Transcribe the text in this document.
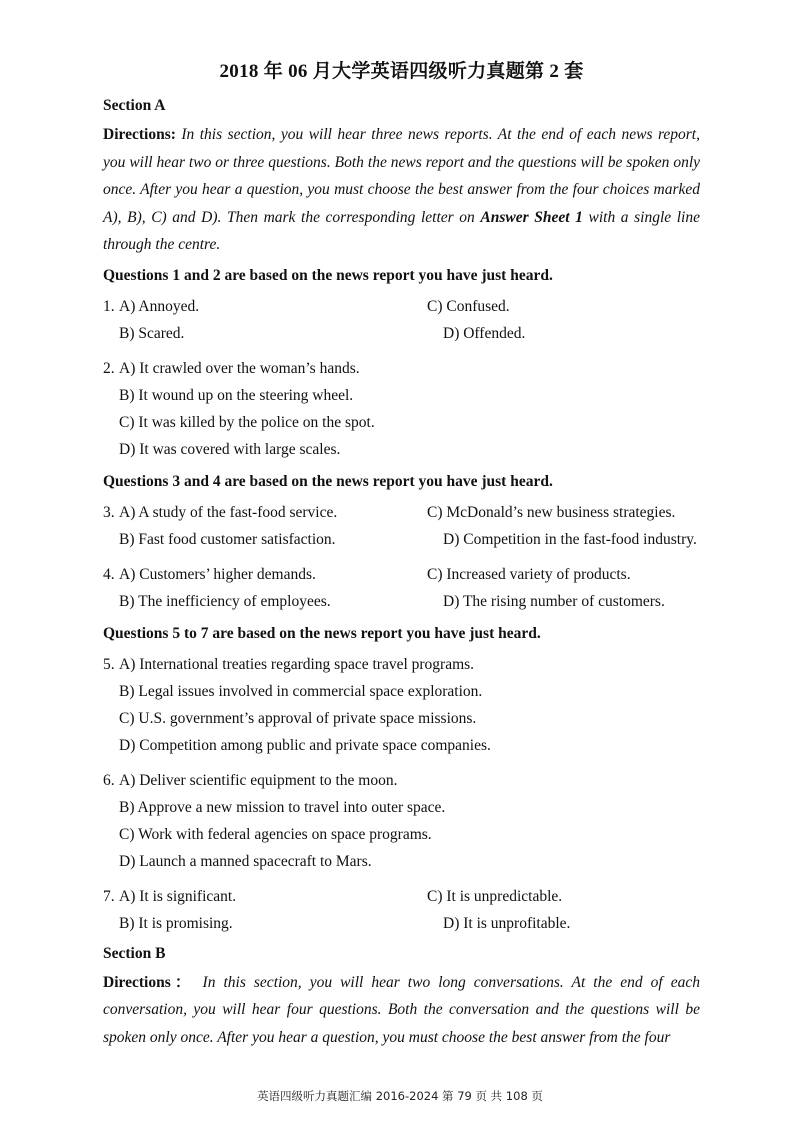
2018 年 06 月大学英语四级听力真题第 2 套
Section A
Directions: In this section, you will hear three news reports. At the end of each news report, you will hear two or three questions. Both the news report and the questions will be spoken only once. After you hear a question, you must choose the best answer from the four choices marked A), B), C) and D). Then mark the corresponding letter on Answer Sheet 1 with a single line through the centre.
Questions 1 and 2 are based on the news report you have just heard.
1. A) Annoyed.	C) Confused.
B) Scared.	D) Offended.
2. A) It crawled over the woman’s hands.
B) It wound up on the steering wheel.
C) It was killed by the police on the spot.
D) It was covered with large scales.
Questions 3 and 4 are based on the news report you have just heard.
3. A) A study of the fast-food service.	C) McDonald’s new business strategies.
B) Fast food customer satisfaction.	D) Competition in the fast-food industry.
4. A) Customers’ higher demands.	C) Increased variety of products.
B) The inefficiency of employees.	D) The rising number of customers.
Questions 5 to 7 are based on the news report you have just heard.
5. A) International treaties regarding space travel programs.
B) Legal issues involved in commercial space exploration.
C) U.S. government’s approval of private space missions.
D) Competition among public and private space companies.
6. A) Deliver scientific equipment to the moon.
B) Approve a new mission to travel into outer space.
C) Work with federal agencies on space programs.
D) Launch a manned spacecraft to Mars.
7. A) It is significant.	C) It is unpredictable.
B) It is promising.	D) It is unprofitable.
Section B
Directions： In this section, you will hear two long conversations. At the end of each conversation, you will hear four questions. Both the conversation and the questions will be spoken only once. After you hear a question, you must choose the best answer from the four
英语四级听力真题汇编 2016-2024 第 79 页 共 108 页
